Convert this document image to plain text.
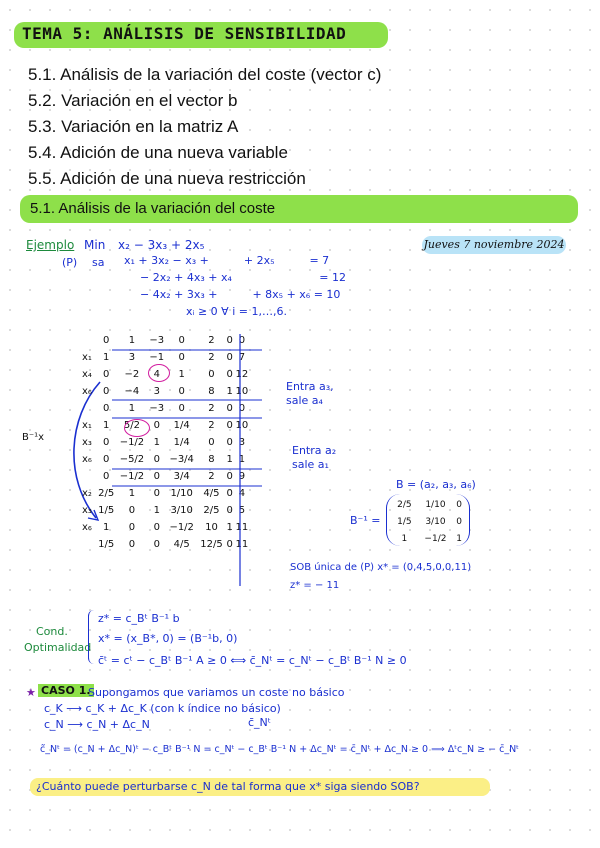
TEMA 5: ANÁLISIS DE SENSIBILIDAD
5.1. Análisis de la variación del coste (vector c)
5.2. Variación en el vector b
5.3. Variación en la matriz A
5.4. Adición de una nueva variable
5.5. Adición de una nueva restricción
5.1. Análisis de la variación del coste
Ejemplo Min x₂ − 3x₃ + 2x₅	Jueves 7 noviembre 2024
(P) sa x₁ + 3x₂ − x₃ +          + 2x₅          = 7
− 2x₂ + 4x₃ + x₄                         = 12
− 4x₂ + 3x₃ +          + 8x₅ + x₆ = 10
xᵢ ≥ 0 ∀ i = 1,…,6.
B⁻¹x
	0	1	−3	0	2	0	0
x₁	1	3	−1	0	2	0	7
x₄	0	−2	4	1	0	0	12
x₆	0	−4	3	0	8	1	10
	0	1	−3	0	2	0	0
x₁	1	5/2	0	1/4	2	0	10
x₃	0	−1/2	1	1/4	0	0	3
x₆	0	−5/2	0	−3/4	8	1	1
	0	−1/2	0	3/4	2	0	9
x₂	2/5	1	0	1/10	4/5	0	4
x₃	1/5	0	1	3/10	2/5	0	5
x₆	1	0	0	−1/2	10	1	11
	1/5	0	0	4/5	12/5	0	11
Entra a₃,
sale a₄
Entra a₂
sale a₁
B = (a₂, a₃, a₆)
B⁻¹ =
2/5	1/10	0
1/5	3/10	0
1	−1/2	1
SOB única de (P) x* = (0,4,5,0,0,11)
z* = − 11
Cond.
Optimalidad
z* = c_Bᵗ B⁻¹ b
x* = (x_B*, 0) = (B⁻¹b, 0)
c̄ᵗ = cᵗ − c_Bᵗ B⁻¹ A ≥ 0 ⟺ c̄_Nᵗ = c_Nᵗ − c_Bᵗ B⁻¹ N ≥ 0
★ CASO 1.
Supongamos que variamos un coste no básico
c_K ⟶ c_K + Δc_K (con k índice no básico)
c_N ⟶ c_N + Δc_N	c̄_Nᵗ
c̃_Nᵗ = (c_N + Δc_N)ᵗ − c_Bᵗ B⁻¹ N = c_Nᵗ − c_Bᵗ B⁻¹ N + Δc_Nᵗ = c̄_Nᵗ + Δc_N ≥ 0 ⟹ Δᵗc_N ≥ − c̄_Nᵗ
¿Cuánto puede perturbarse c_N de tal forma que x* siga siendo SOB?
